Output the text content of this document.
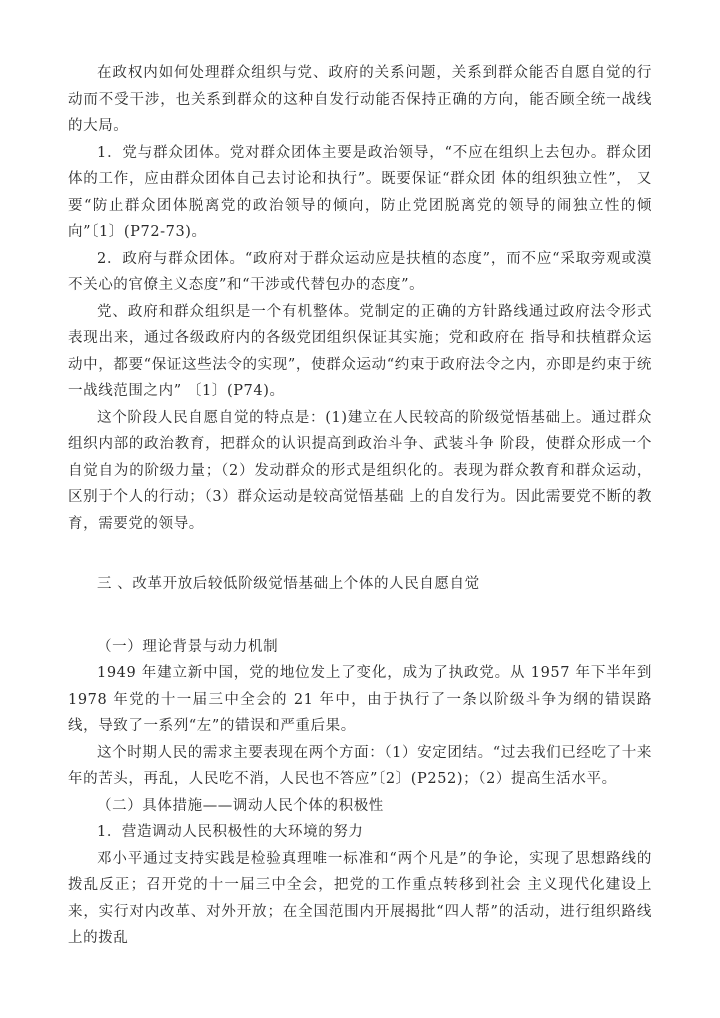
在政权内如何处理群众组织与党、政府的关系问题，关系到群众能否自愿自觉的行动而不受干涉，也关系到群众的这种自发行动能否保持正确的方向，能否顾全统一战线的大局。

1．党与群众团体。党对群众团体主要是政治领导，“不应在组织上去包办。群众团体的工作，应由群众团体自己去讨论和执行”。既要保证“群众团 体的组织独立性”， 又要“防止群众团体脱离党的政治领导的倾向，防止党团脱离党的领导的闹独立性的倾向”〔1〕(P72-73)。

2．政府与群众团体。“政府对于群众运动应是扶植的态度”，而不应“采取旁观或漠不关心的官僚主义态度”和“干涉或代替包办的态度”。

党、政府和群众组织是一个有机整体。党制定的正确的方针路线通过政府法令形式表现出来，通过各级政府内的各级党团组织保证其实施；党和政府在 指导和扶植群众运动中，都要“保证这些法令的实现”，使群众运动“约束于政府法令之内，亦即是约束于统一战线范围之内” 〔1〕(P74)。

这个阶段人民自愿自觉的特点是：(1)建立在人民较高的阶级觉悟基础上。通过群众组织内部的政治教育，把群众的认识提高到政治斗争、武装斗争 阶段，使群众形成一个自觉自为的阶级力量；（2）发动群众的形式是组织化的。表现为群众教育和群众运动，区别于个人的行动；（3）群众运动是较高觉悟基础 上的自发行为。因此需要党不断的教育，需要党的领导。

三 、改革开放后较低阶级觉悟基础上个体的人民自愿自觉

（一）理论背景与动力机制

1949 年建立新中国，党的地位发上了变化，成为了执政党。从 1957 年下半年到 1978 年党的十一届三中全会的 21 年中，由于执行了一条以阶级斗争为纲的错误路线，导致了一系列“左”的错误和严重后果。

这个时期人民的需求主要表现在两个方面：（1）安定团结。“过去我们已经吃了十来年的苦头，再乱，人民吃不消，人民也不答应”〔2〕(P252)；（2）提高生活水平。

（二）具体措施——调动人民个体的积极性

1．营造调动人民积极性的大环境的努力

邓小平通过支持实践是检验真理唯一标准和“两个凡是”的争论，实现了思想路线的拨乱反正；召开党的十一届三中全会，把党的工作重点转移到社会 主义现代化建设上来，实行对内改革、对外开放；在全国范围内开展揭批“四人帮”的活动，进行组织路线上的拨乱
